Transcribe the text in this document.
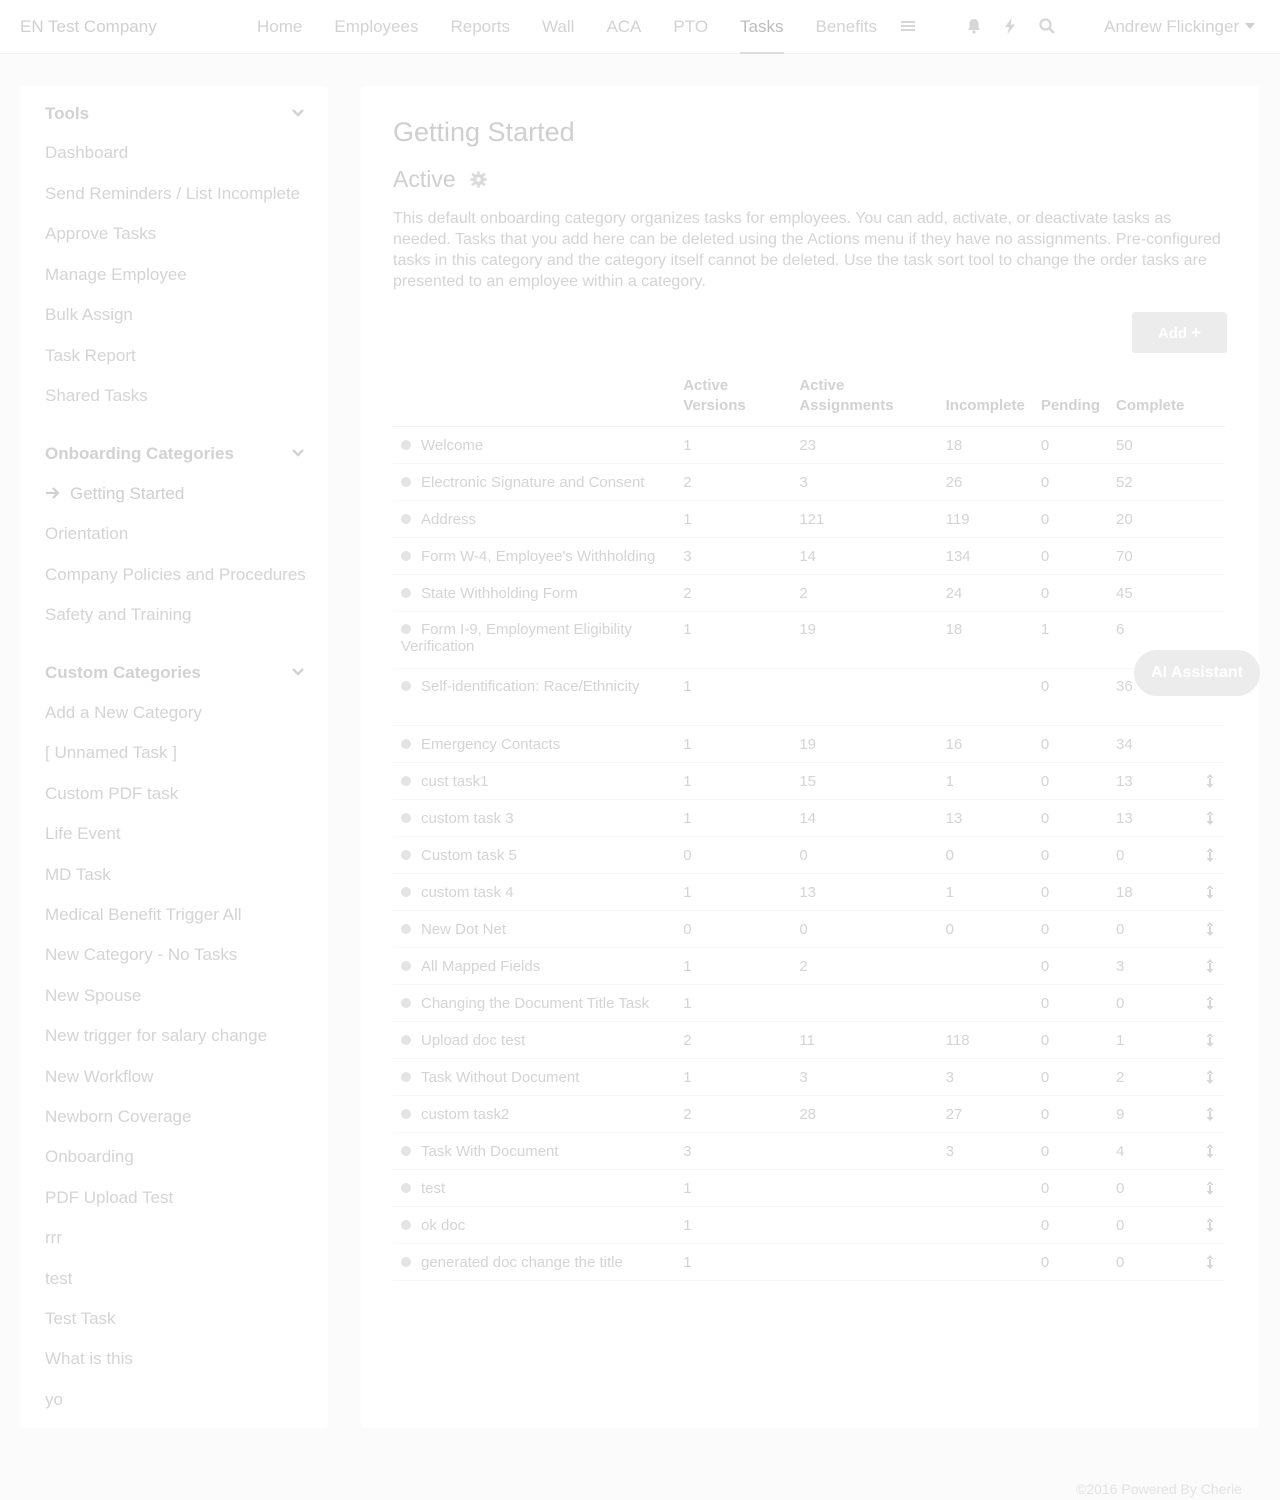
EN Test Company	Home	Employees	Reports	Wall	ACA	PTO	Tasks	Benefits	Andrew Flickinger
Tools
Onboarding Categories
Custom Categories
Dashboard
Send Reminders / List Incomplete
Approve Tasks
Manage Employee
Bulk Assign
Task Report
Shared Tasks
Getting Started
Orientation
Company Policies and Procedures
Safety and Training
Add a New Category
[ Unnamed Task ]
Custom PDF task
Life Event
MD Task
Medical Benefit Trigger All
New Category - No Tasks
New Spouse
New trigger for salary change
New Workflow
Newborn Coverage
Onboarding
PDF Upload Test
rrr
test
Test Task
What is this
yo
Getting Started
Active
This default onboarding category organizes tasks for employees. You can add, activate, or deactivate tasks as needed. Tasks that you add here can be deleted using the Actions menu if they have no assignments. Pre-configured tasks in this category and the category itself cannot be deleted. Use the task sort tool to change the order tasks are presented to an employee within a category.
Add +
	Active Versions	Active Assignments	Incomplete	Pending	Complete	
Welcome	1	23	18	0	50	
Electronic Signature and Consent	2	3	26	0	52	
Address	1	121	119	0	20	
Form W-4, Employee's Withholding	3	14	134	0	70	
State Withholding Form	2	2	24	0	45	
Form I-9, Employment Eligibility Verification	1	19	18	1	6	
Self-identification: Race/Ethnicity	1			0	36	
Emergency Contacts	1	19	16	0	34	
cust task1	1	15	1	0	13	

custom task 3	1	14	13	0	13	

Custom task 5	0	0	0	0	0	

custom task 4	1	13	1	0	18	

New Dot Net	0	0	0	0	0	

All Mapped Fields	1	2		0	3	

Changing the Document Title Task	1			0	0	

Upload doc test	2	11	118	0	1	

Task Without Document	1	3	3	0	2	

custom task2	2	28	27	0	9	

Task With Document	3		3	0	4	

test	1			0	0	

ok doc	1			0	0	

generated doc change the title	1			0	0	
AI Assistant
©2016 Powered By Cherie
